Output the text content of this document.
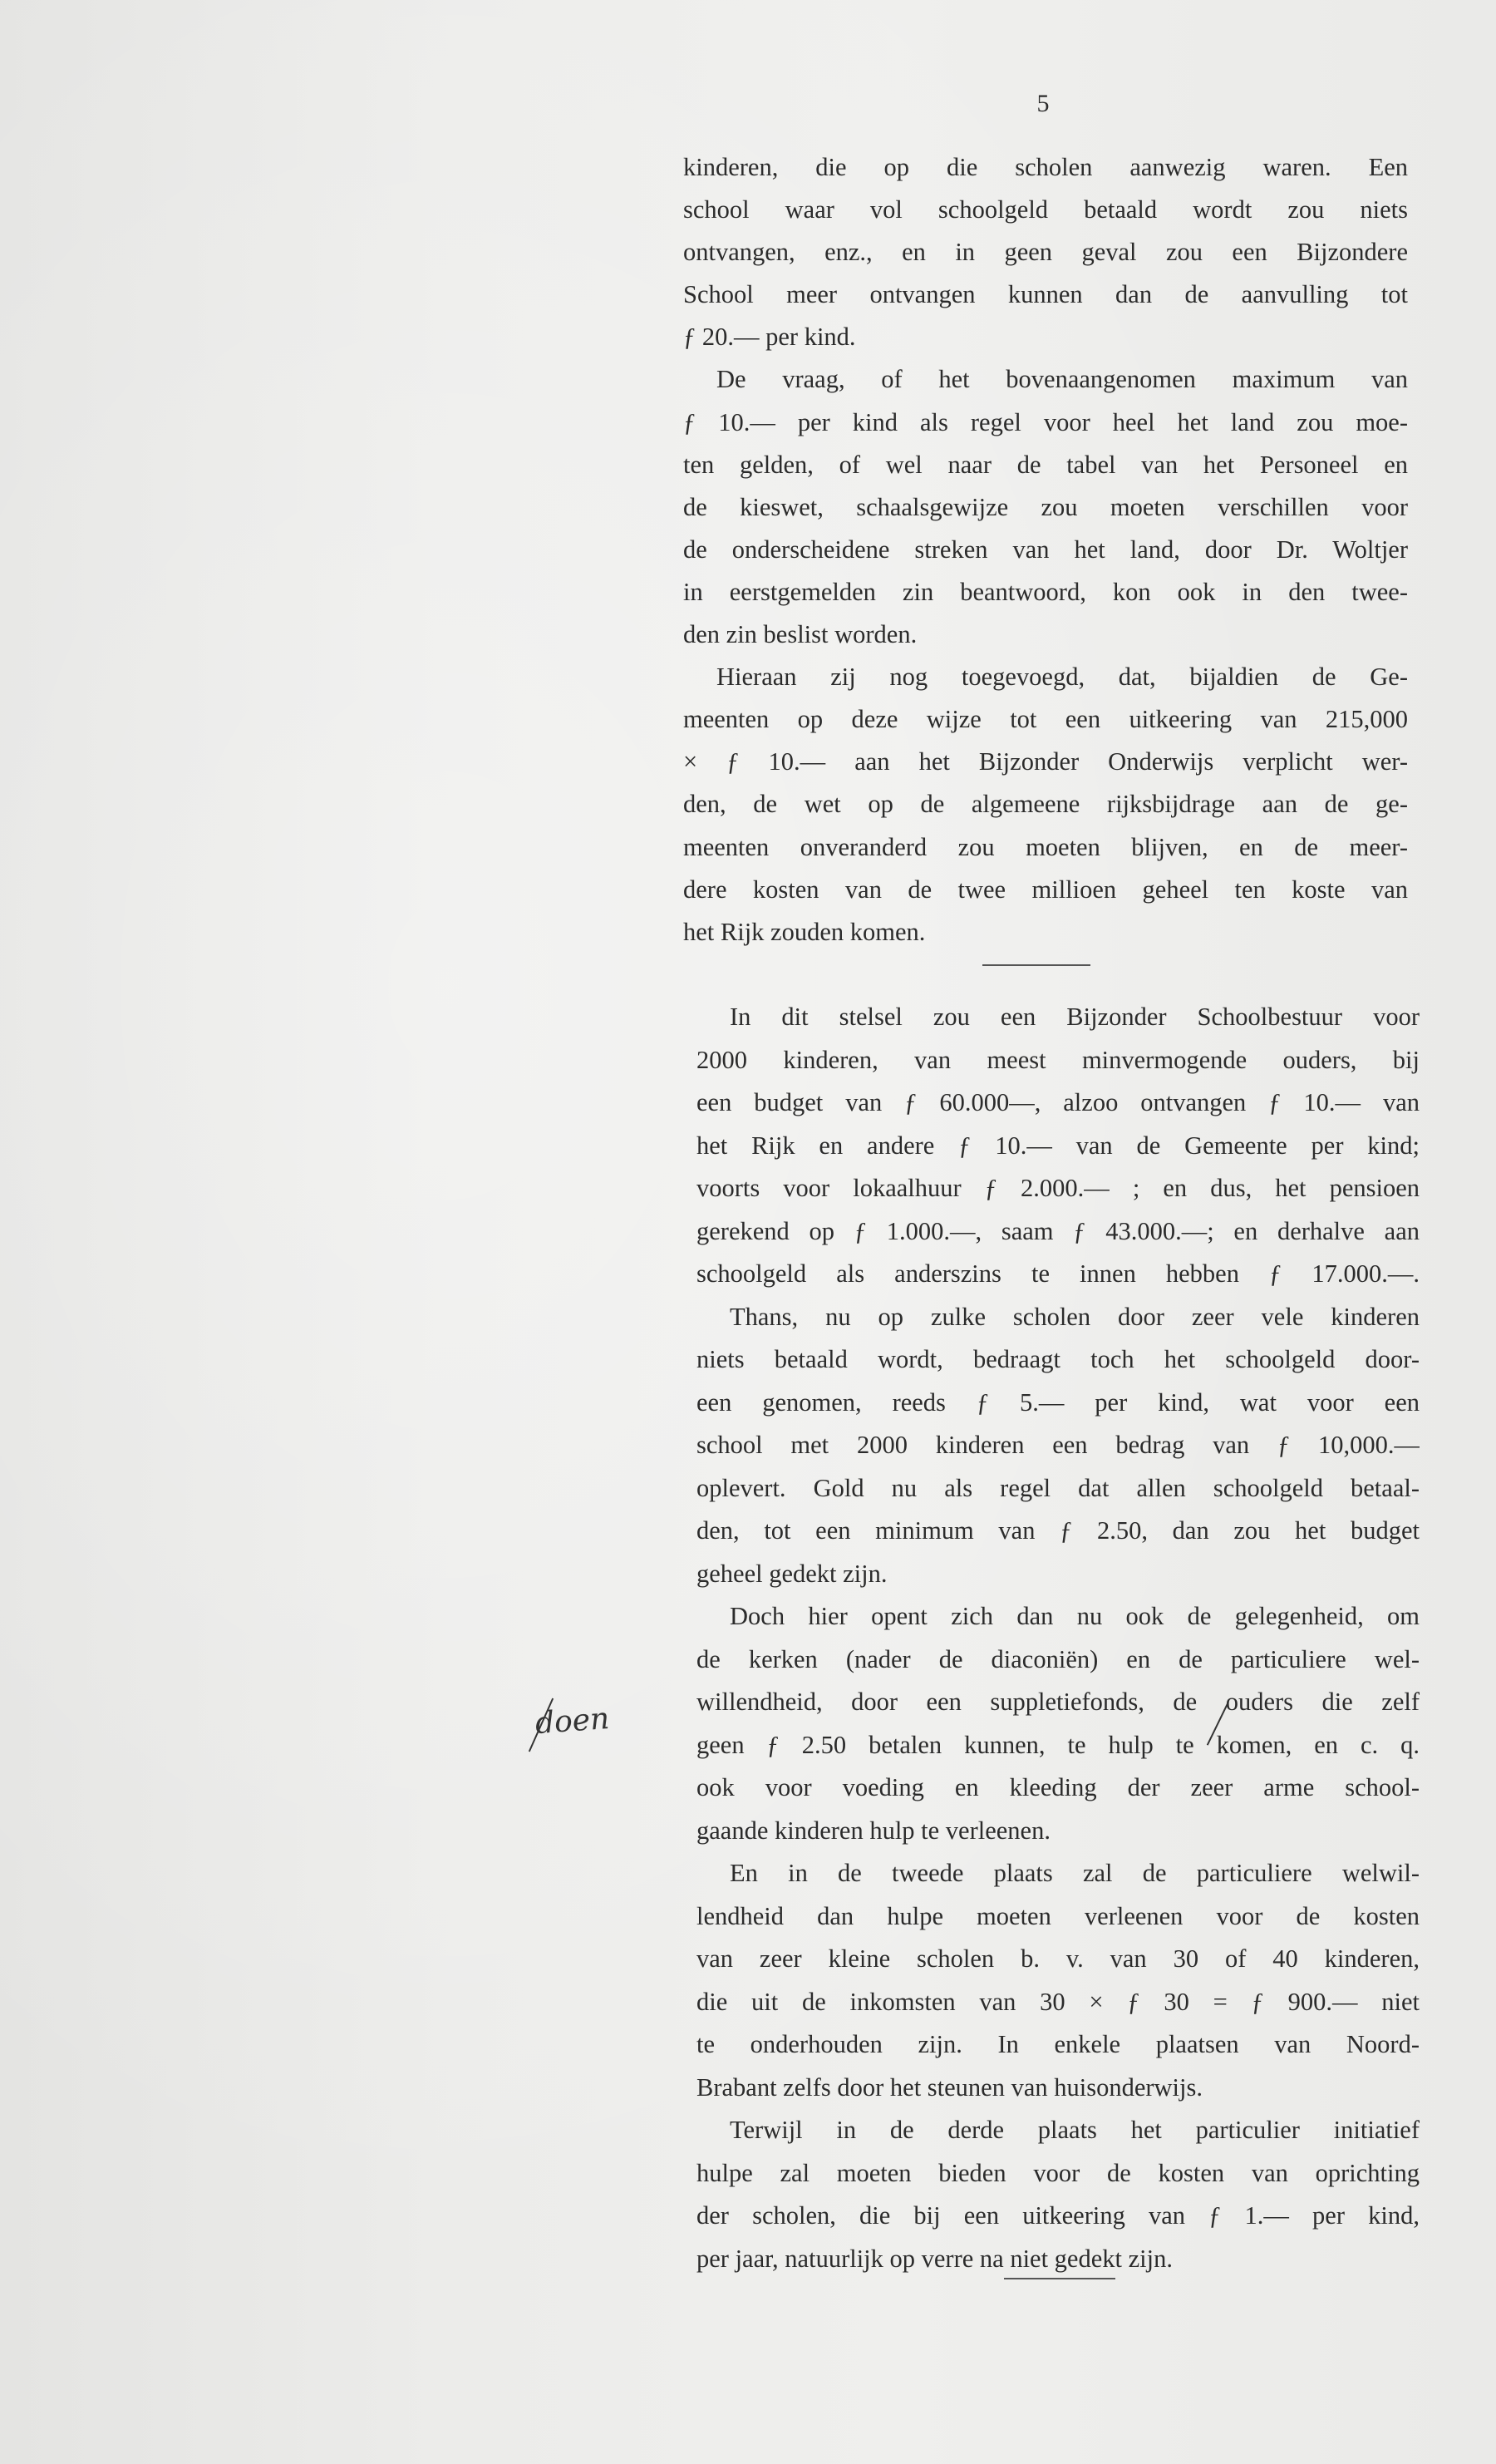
5
kinderen, die op die scholen aanwezig waren. Een
school waar vol schoolgeld betaald wordt zou niets
ontvangen, enz., en in geen geval zou een Bijzondere
School meer ontvangen kunnen dan de aanvulling tot
ƒ 20.— per kind.
De vraag, of het bovenaangenomen maximum van
ƒ 10.— per kind als regel voor heel het land zou moe-
ten gelden, of wel naar de tabel van het Personeel en
de kieswet, schaalsgewijze zou moeten verschillen voor
de onderscheidene streken van het land, door Dr. Woltjer
in eerstgemelden zin beantwoord, kon ook in den twee-
den zin beslist worden.
Hieraan zij nog toegevoegd, dat, bijaldien de Ge-
meenten op deze wijze tot een uitkeering van 215,000
× ƒ 10.— aan het Bijzonder Onderwijs verplicht wer-
den, de wet op de algemeene rijksbijdrage aan de ge-
meenten onveranderd zou moeten blijven, en de meer-
dere kosten van de twee millioen geheel ten koste van
het Rijk zouden komen.
In dit stelsel zou een Bijzonder Schoolbestuur voor
2000 kinderen, van meest minvermogende ouders, bij
een budget van ƒ 60.000—, alzoo ontvangen ƒ 10.— van
het Rijk en andere ƒ 10.— van de Gemeente per kind;
voorts voor lokaalhuur ƒ 2.000.— ; en dus, het pensioen
gerekend op ƒ 1.000.—, saam ƒ 43.000.—; en derhalve aan
schoolgeld als anderszins te innen hebben ƒ 17.000.—.
Thans, nu op zulke scholen door zeer vele kinderen
niets betaald wordt, bedraagt toch het schoolgeld door-
een genomen, reeds ƒ 5.— per kind, wat voor een
school met 2000 kinderen een bedrag van ƒ 10,000.—
oplevert. Gold nu als regel dat allen schoolgeld betaal-
den, tot een minimum van ƒ 2.50, dan zou het budget
geheel gedekt zijn.
Doch hier opent zich dan nu ook de gelegenheid, om
de kerken (nader de diaconiën) en de particuliere wel-
willendheid, door een suppletiefonds, de ouders die zelf
geen ƒ 2.50 betalen kunnen, te hulp te komen, en c. q.
ook voor voeding en kleeding der zeer arme school-
gaande kinderen hulp te verleenen.
En in de tweede plaats zal de particuliere welwil-
lendheid dan hulpe moeten verleenen voor de kosten
van zeer kleine scholen b. v. van 30 of 40 kinderen,
die uit de inkomsten van 30 × ƒ 30 = ƒ 900.— niet
te onderhouden zijn. In enkele plaatsen van Noord-
Brabant zelfs door het steunen van huisonderwijs.
Terwijl in de derde plaats het particulier initiatief
hulpe zal moeten bieden voor de kosten van oprichting
der scholen, die bij een uitkeering van ƒ 1.— per kind,
per jaar, natuurlijk op verre na niet gedekt zijn.
doen
